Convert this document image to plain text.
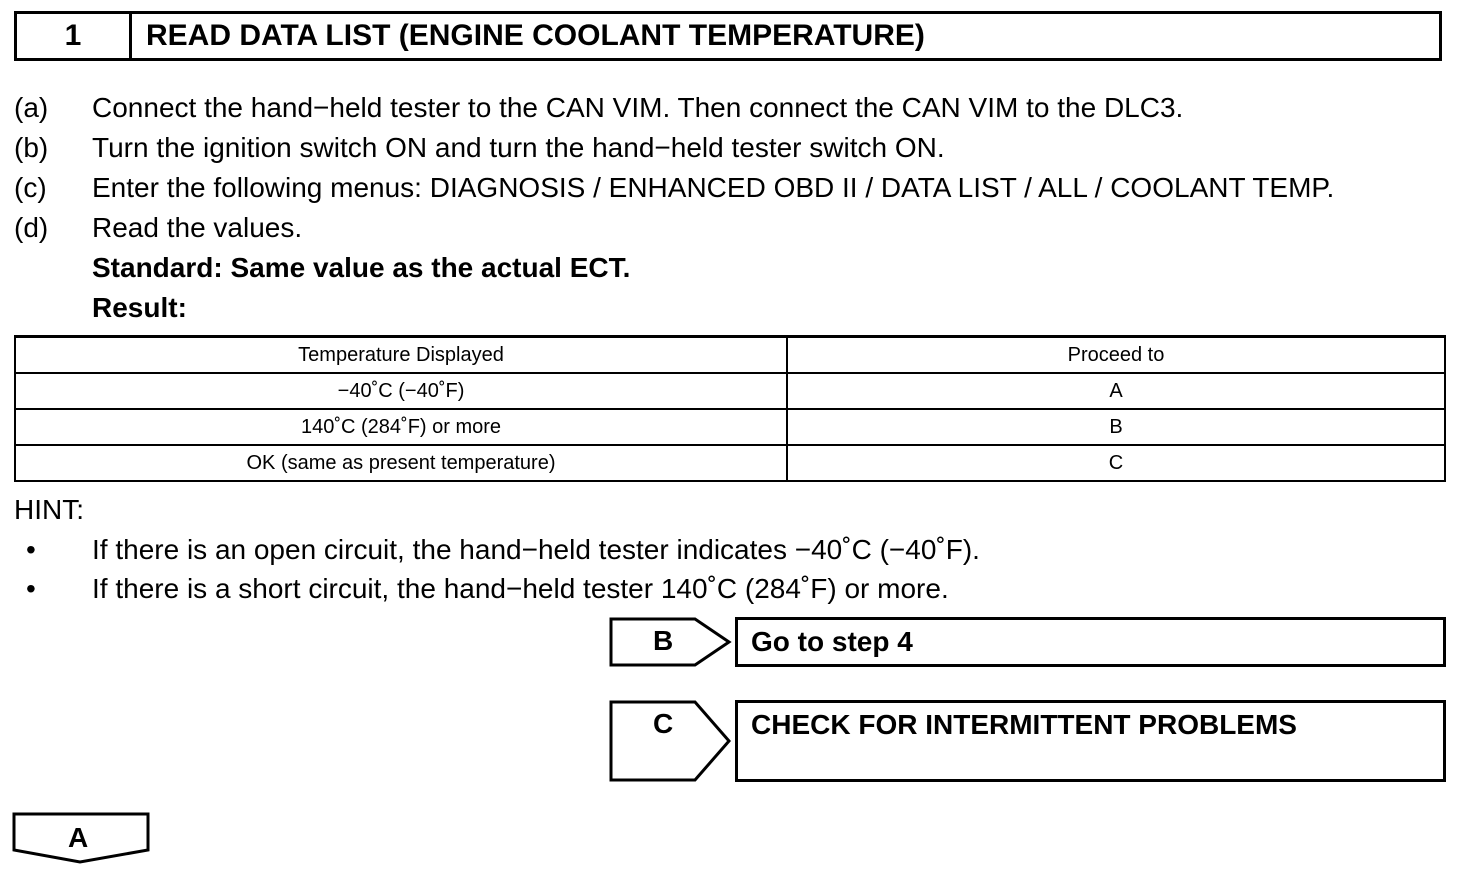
1	READ DATA LIST (ENGINE COOLANT TEMPERATURE)
(a) Connect the hand−held tester to the CAN VIM. Then connect the CAN VIM to the DLC3.
(b) Turn the ignition switch ON and turn the hand−held tester switch ON.
(c) Enter the following menus: DIAGNOSIS / ENHANCED OBD II / DATA LIST / ALL / COOLANT TEMP.
(d) Read the values.
Standard: Same value as the actual ECT.
Result:
Temperature Displayed	Proceed to
−40˚C (−40˚F)	A
140˚C (284˚F) or more	B
OK (same as present temperature)	C
HINT:
• If there is an open circuit, the hand−held tester indicates −40˚C (−40˚F).
• If there is a short circuit, the hand−held tester 140˚C (284˚F) or more.
B	Go to step 4
C	CHECK FOR INTERMITTENT PROBLEMS
A
